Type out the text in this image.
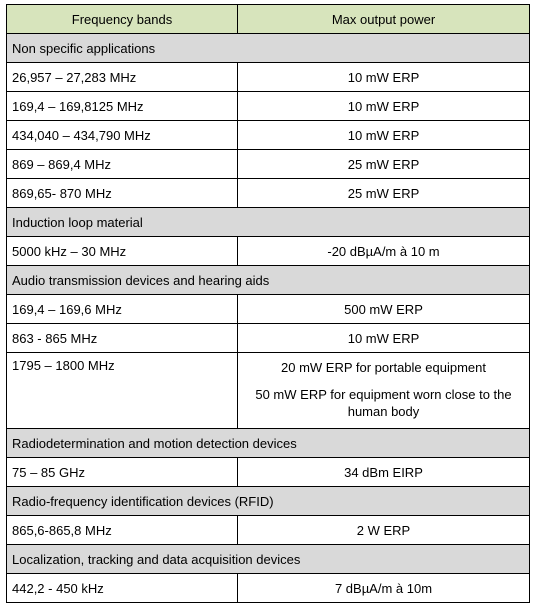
Frequency bands	Max output power
Non specific applications	
26,957 – 27,283 MHz	10 mW ERP
169,4 – 169,8125 MHz	10 mW ERP
434,040 – 434,790 MHz	10 mW ERP
869 – 869,4 MHz	25 mW ERP
869,65- 870 MHz	25 mW ERP
Induction loop material	
5000 kHz – 30 MHz	-20 dBµA/m à 10 m
Audio transmission devices and hearing aids	
169,4 – 169,6 MHz	500 mW ERP
863 - 865 MHz	10 mW ERP
1795 – 1800 MHz	20 mW ERP for portable equipment
50 mW ERP for equipment worn close to the human body

Radiodetermination and motion detection devices	
75 – 85 GHz	34 dBm EIRP
Radio-frequency identification devices (RFID)	
865,6-865,8 MHz	2 W ERP
Localization, tracking and data acquisition devices	
442,2 - 450 kHz	7 dBµA/m à 10m
